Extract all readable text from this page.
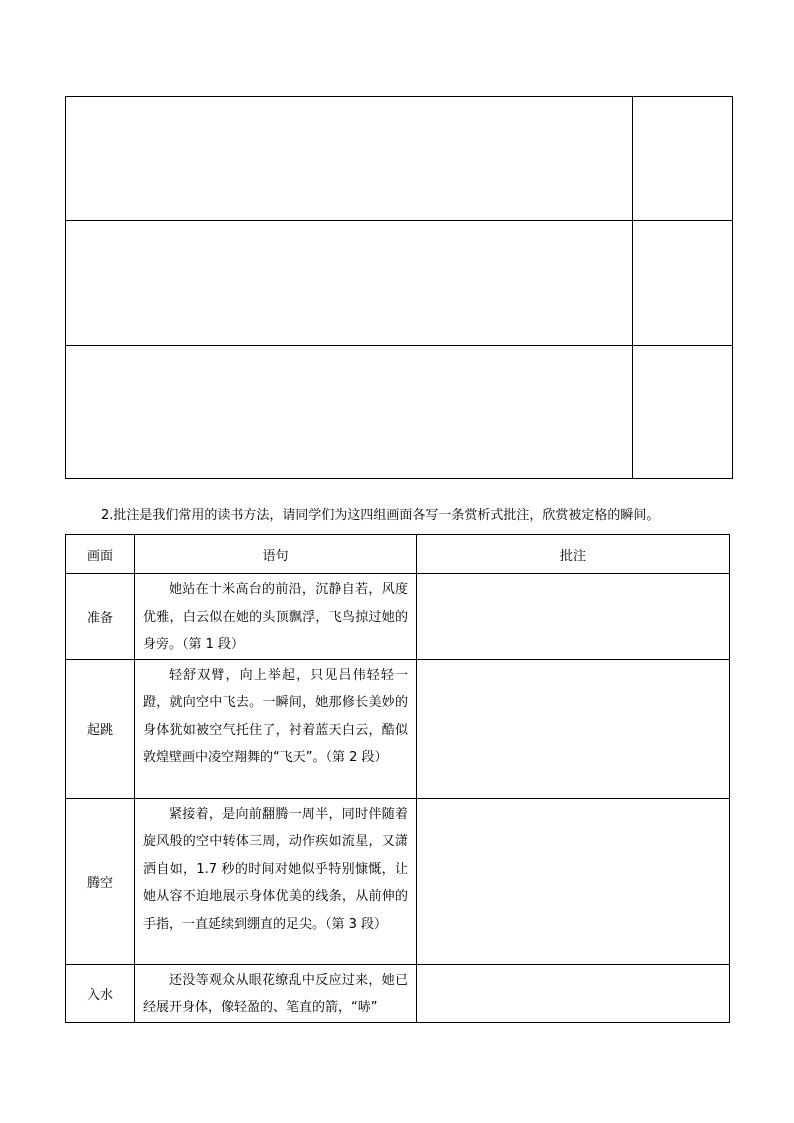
2.批注是我们常用的读书方法，请同学们为这四组画面各写一条赏析式批注，欣赏被定格的瞬间。
画面	语句	批注
准备	她站在十米高台的前沿，沉静自若，风度优雅，白云似在她的头顶飘浮，飞鸟掠过她的身旁。（第 1 段）	
起跳	轻舒双臂，向上举起，只见吕伟轻轻一蹬，就向空中飞去。一瞬间，她那修长美妙的身体犹如被空气托住了，衬着蓝天白云，酷似敦煌壁画中凌空翔舞的“飞天”。（第 2 段）	
腾空	紧接着，是向前翻腾一周半，同时伴随着旋风般的空中转体三周，动作疾如流星，又潇洒自如，1.7 秒的时间对她似乎特别慷慨，让她从容不迫地展示身体优美的线条，从前伸的手指，一直延续到绷直的足尖。（第 3 段）	
入水	还没等观众从眼花缭乱中反应过来，她已经展开身体，像轻盈的、笔直的箭，“哧”	
